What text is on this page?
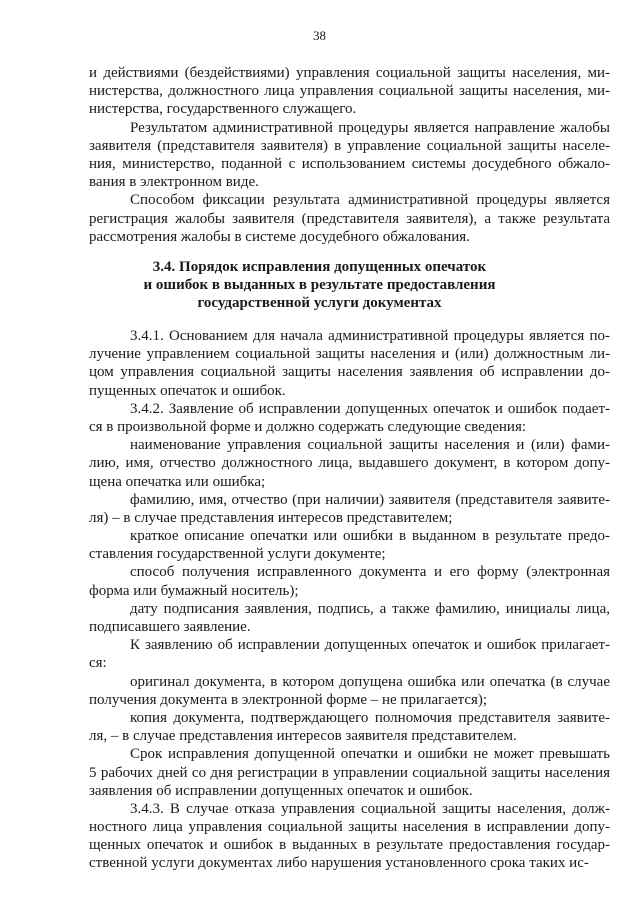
38
и действиями (бездействиями) управления социальной защиты населения, ми-
нистерства, должностного лица управления социальной защиты населения, ми-
нистерства, государственного служащего.
Результатом административной процедуры является направление жалобы
заявителя (представителя заявителя) в управление социальной защиты населе-
ния, министерство, поданной с использованием системы досудебного обжало-
вания в электронном виде.
Способом фиксации результата административной процедуры является
регистрация жалобы заявителя (представителя заявителя), а также результата
рассмотрения жалобы в системе досудебного обжалования.
3.4. Порядок исправления допущенных опечаток
и ошибок в выданных в результате предоставления
государственной услуги документах
3.4.1. Основанием для начала административной процедуры является по-
лучение управлением социальной защиты населения и (или) должностным ли-
цом управления социальной защиты населения заявления об исправлении до-
пущенных опечаток и ошибок.
3.4.2. Заявление об исправлении допущенных опечаток и ошибок подает-
ся в произвольной форме и должно содержать следующие сведения:
наименование управления социальной защиты населения и (или) фами-
лию, имя, отчество должностного лица, выдавшего документ, в котором допу-
щена опечатка или ошибка;
фамилию, имя, отчество (при наличии) заявителя (представителя заявите-
ля) – в случае представления интересов представителем;
краткое описание опечатки или ошибки в выданном в результате предо-
ставления государственной услуги документе;
способ получения исправленного документа и его форму (электронная
форма или бумажный носитель);
дату подписания заявления, подпись, а также фамилию, инициалы лица,
подписавшего заявление.
К заявлению об исправлении допущенных опечаток и ошибок прилагает-
ся:
оригинал документа, в котором допущена ошибка или опечатка (в случае
получения документа в электронной форме – не прилагается);
копия документа, подтверждающего полномочия представителя заявите-
ля, – в случае представления интересов заявителя представителем.
Срок исправления допущенной опечатки и ошибки не может превышать
5 рабочих дней со дня регистрации в управлении социальной защиты населения
заявления об исправлении допущенных опечаток и ошибок.
3.4.3. В случае отказа управления социальной защиты населения, долж-
ностного лица управления социальной защиты населения в исправлении допу-
щенных опечаток и ошибок в выданных в результате предоставления государ-
ственной услуги документах либо нарушения установленного срока таких ис-
